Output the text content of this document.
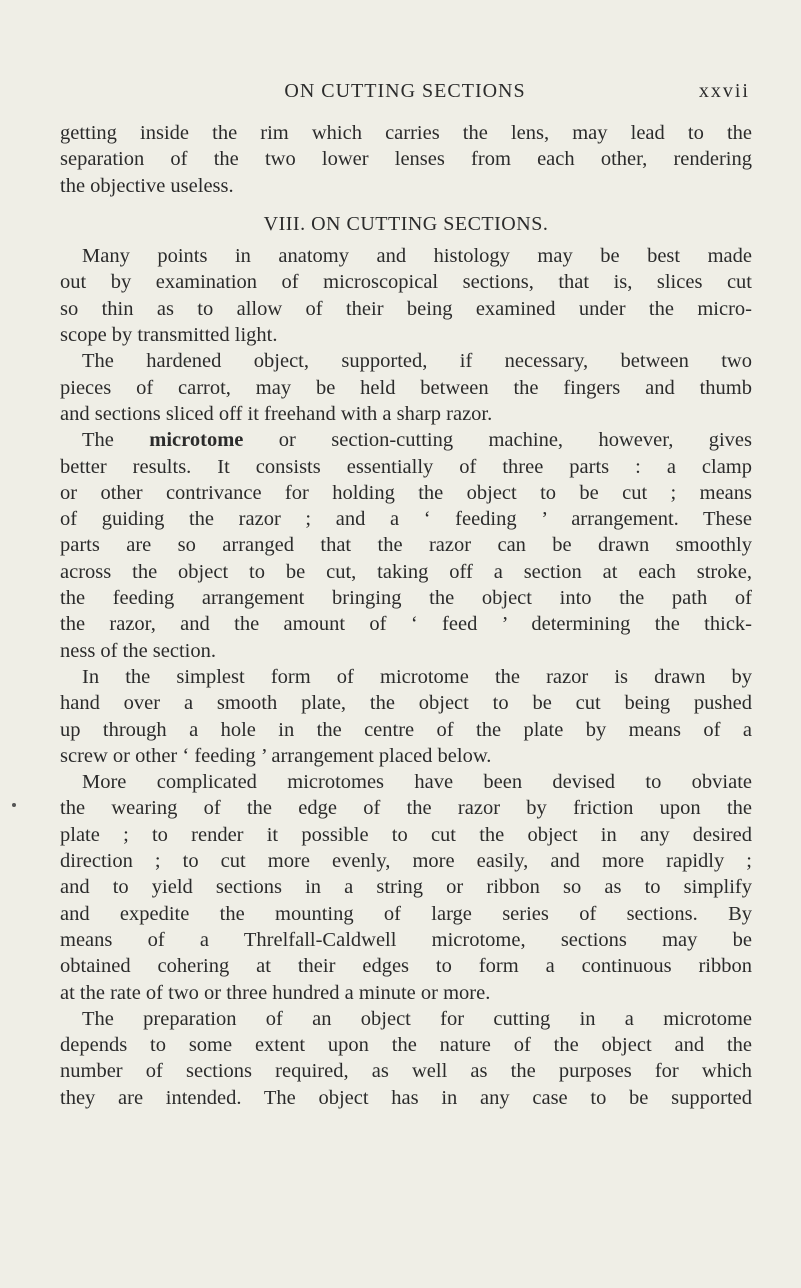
ON CUTTING SECTIONS	xxvii
getting inside the rim which carries the lens, may lead to the
separation of the two lower lenses from each other, rendering
the objective useless.
VIII. ON CUTTING SECTIONS.
Many points in anatomy and histology may be best made
out by examination of microscopical sections, that is, slices cut
so thin as to allow of their being examined under the micro-
scope by transmitted light.
The hardened object, supported, if necessary, between two
pieces of carrot, may be held between the fingers and thumb
and sections sliced off it freehand with a sharp razor.
The microtome or section-cutting machine, however, gives
better results. It consists essentially of three parts : a clamp
or other contrivance for holding the object to be cut ; means
of guiding the razor ; and a ‘ feeding ’ arrangement. These
parts are so arranged that the razor can be drawn smoothly
across the object to be cut, taking off a section at each stroke,
the feeding arrangement bringing the object into the path of
the razor, and the amount of ‘ feed ’ determining the thick-
ness of the section.
In the simplest form of microtome the razor is drawn by
hand over a smooth plate, the object to be cut being pushed
up through a hole in the centre of the plate by means of a
screw or other ‘ feeding ’ arrangement placed below.
More complicated microtomes have been devised to obviate
the wearing of the edge of the razor by friction upon the
plate ; to render it possible to cut the object in any desired
direction ; to cut more evenly, more easily, and more rapidly ;
and to yield sections in a string or ribbon so as to simplify
and expedite the mounting of large series of sections. By
means of a Threlfall-Caldwell microtome, sections may be
obtained cohering at their edges to form a continuous ribbon
at the rate of two or three hundred a minute or more.
The preparation of an object for cutting in a microtome
depends to some extent upon the nature of the object and the
number of sections required, as well as the purposes for which
they are intended. The object has in any case to be supported
